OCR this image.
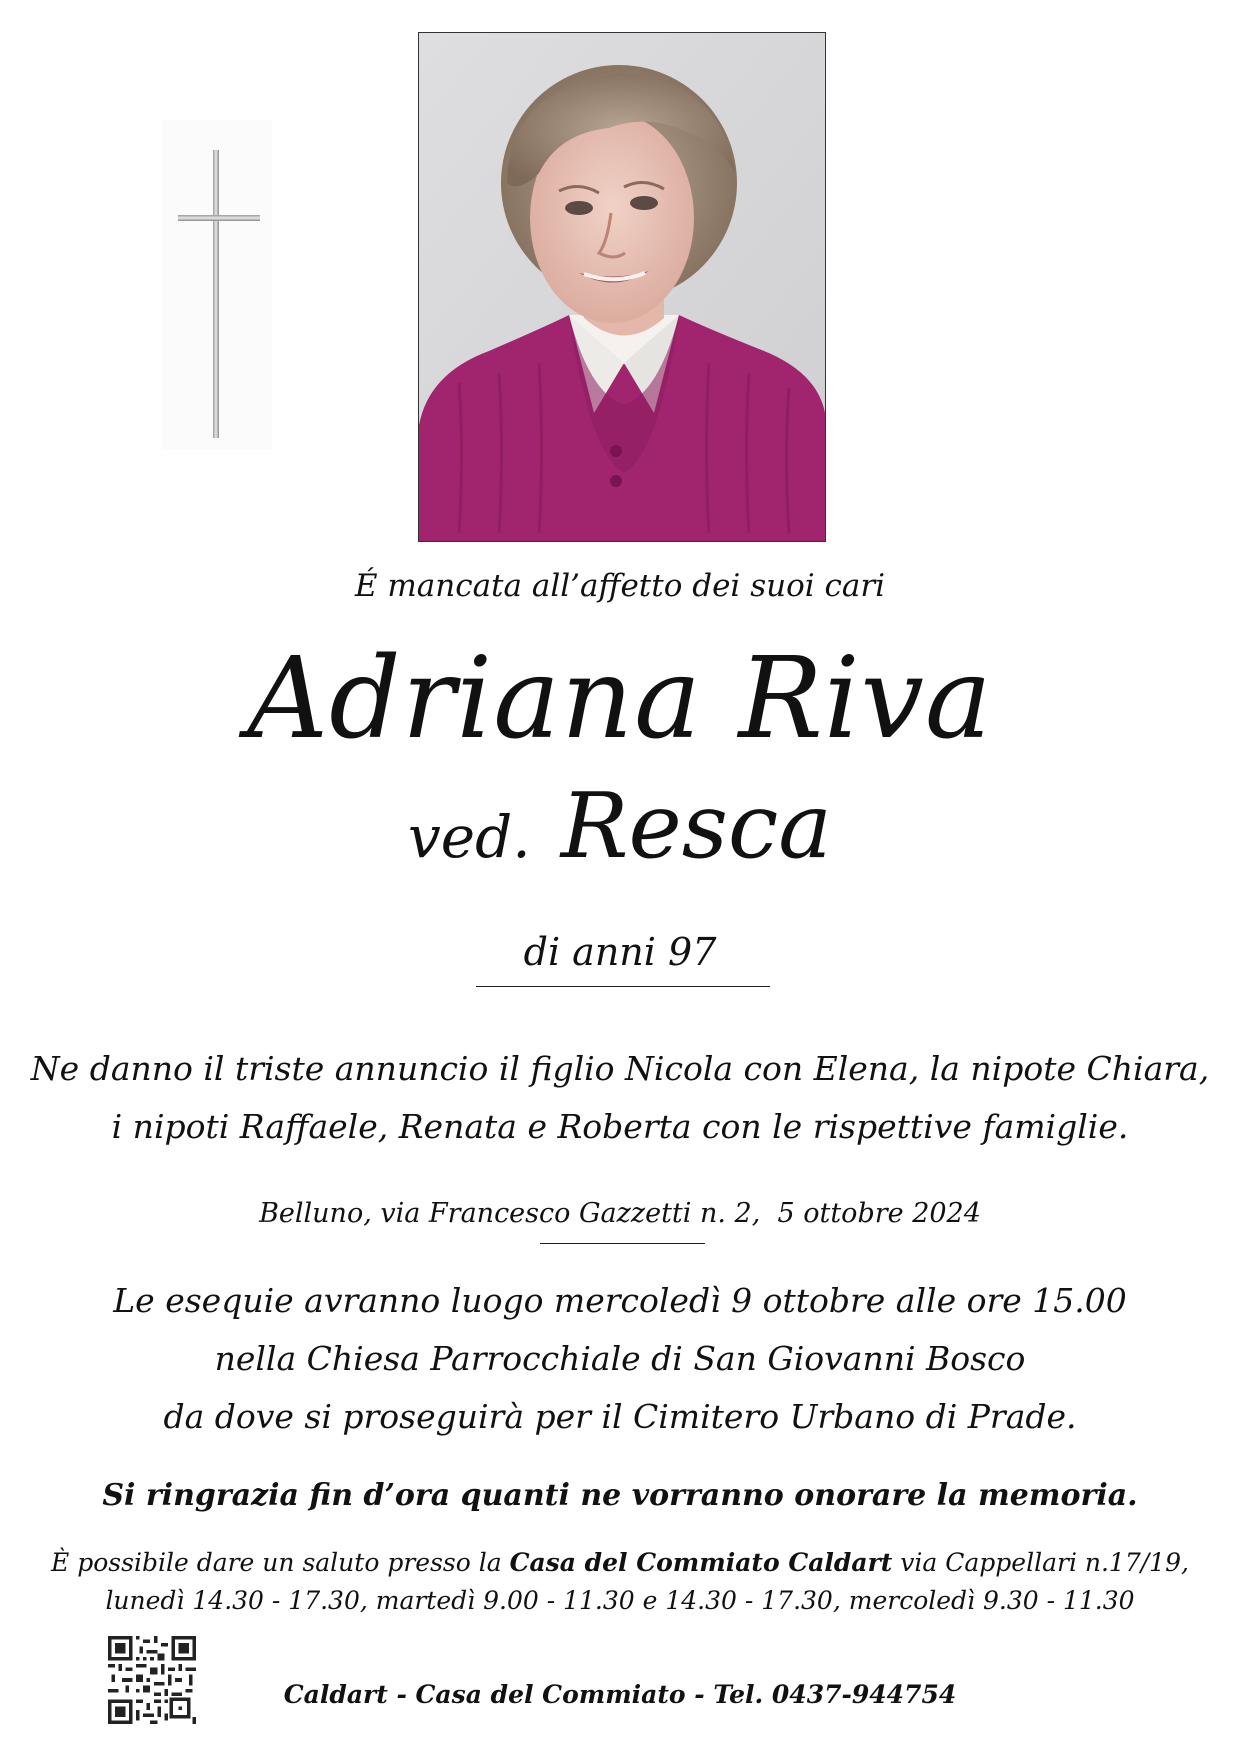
É mancata all’affetto dei suoi cari
Adriana Riva
ved. Resca
di anni 97
Ne danno il triste annuncio il figlio Nicola con Elena, la nipote Chiara,
i nipoti Raffaele, Renata e Roberta con le rispettive famiglie.
Belluno, via Francesco Gazzetti n. 2,  5 ottobre 2024
Le esequie avranno luogo mercoledì 9 ottobre alle ore 15.00
nella Chiesa Parrocchiale di San Giovanni Bosco
da dove si proseguirà per il Cimitero Urbano di Prade.
Si ringrazia fin d’ora quanti ne vorranno onorare la memoria.
È possibile dare un saluto presso la Casa del Commiato Caldart via Cappellari n.17/19,
lunedì 14.30 - 17.30, martedì 9.00 - 11.30 e 14.30 - 17.30, mercoledì 9.30 - 11.30
Caldart - Casa del Commiato - Tel. 0437-944754
